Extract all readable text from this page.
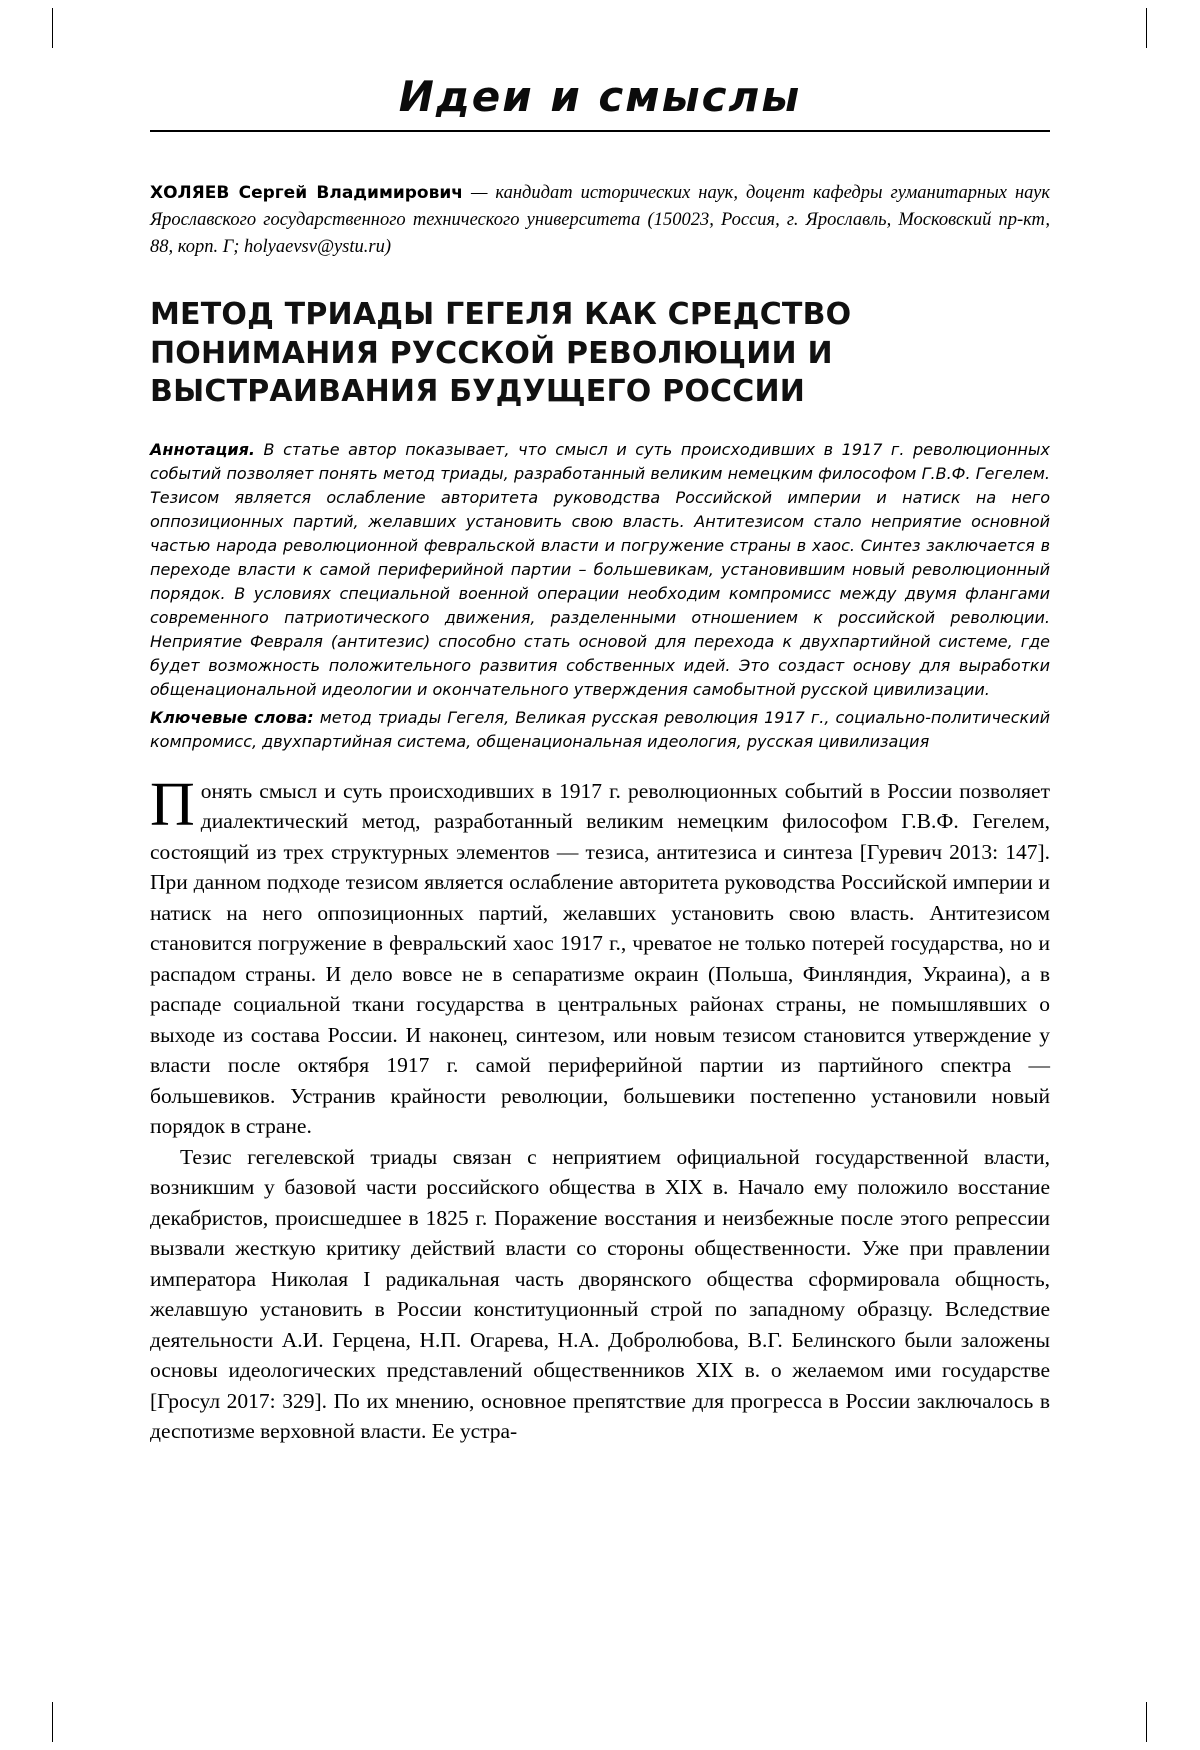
Идеи и смыслы
ХОЛЯЕВ Сергей Владимирович — кандидат исторических наук, доцент кафедры гуманитарных наук Ярославского государственного технического университета (150023, Россия, г. Ярославль, Московский пр-кт, 88, корп. Г; holyaevsv@ystu.ru)
МЕТОД ТРИАДЫ ГЕГЕЛЯ КАК СРЕДСТВО ПОНИМАНИЯ РУССКОЙ РЕВОЛЮЦИИ И ВЫСТРАИВАНИЯ БУДУЩЕГО РОССИИ
Аннотация. В статье автор показывает, что смысл и суть происходивших в 1917 г. революционных событий позволяет понять метод триады, разработанный великим немецким философом Г.В.Ф. Гегелем. Тезисом является ослабление авторитета руководства Российской империи и натиск на него оппозиционных партий, желавших установить свою власть. Антитезисом стало неприятие основной частью народа революционной февральской власти и погружение страны в хаос. Синтез заключается в переходе власти к самой периферийной партии – большевикам, установившим новый революционный порядок. В условиях специальной военной операции необходим компромисс между двумя флангами современного патриотического движения, разделенными отношением к российской революции. Неприятие Февраля (антитезис) способно стать основой для перехода к двухпартийной системе, где будет возможность положительного развития собственных идей. Это создаст основу для выработки общенациональной идеологии и окончательного утверждения самобытной русской цивилизации.
Ключевые слова: метод триады Гегеля, Великая русская революция 1917 г., социально-политический компромисс, двухпартийная система, общенациональная идеология, русская цивилизация

Понять смысл и суть происходивших в 1917 г. революционных событий в России позволяет диалектический метод, разработанный великим немецким философом Г.В.Ф. Гегелем, состоящий из трех структурных элементов — тезиса, антитезиса и синтеза [Гуревич 2013: 147]. При данном подходе тезисом является ослабление авторитета руководства Российской империи и натиск на него оппозиционных партий, желавших установить свою власть. Антитезисом становится погружение в февральский хаос 1917 г., чреватое не только потерей государства, но и распадом страны. И дело вовсе не в сепаратизме окраин (Польша, Финляндия, Украина), а в распаде социальной ткани государства в центральных районах страны, не помышлявших о выходе из состава России. И наконец, синтезом, или новым тезисом становится утверждение у власти после октября 1917 г. самой периферийной партии из партийного спектра — большевиков. Устранив крайности революции, большевики постепенно установили новый порядок в стране.

Тезис гегелевской триады связан с неприятием официальной государственной власти, возникшим у базовой части российского общества в XIX в. Начало ему положило восстание декабристов, происшедшее в 1825 г. Поражение восстания и неизбежные после этого репрессии вызвали жесткую критику действий власти со стороны общественности. Уже при правлении императора Николая I радикальная часть дворянского общества сформировала общность, желавшую установить в России конституционный строй по западному образцу. Вследствие деятельности А.И. Герцена, Н.П. Огарева, Н.А. Добролюбова, В.Г. Белинского были заложены основы идеологических представлений общественников XIX в. о желаемом ими государстве [Гросул 2017: 329]. По их мнению, основное препятствие для прогресса в России заключалось в деспотизме верховной власти. Ее устра-
